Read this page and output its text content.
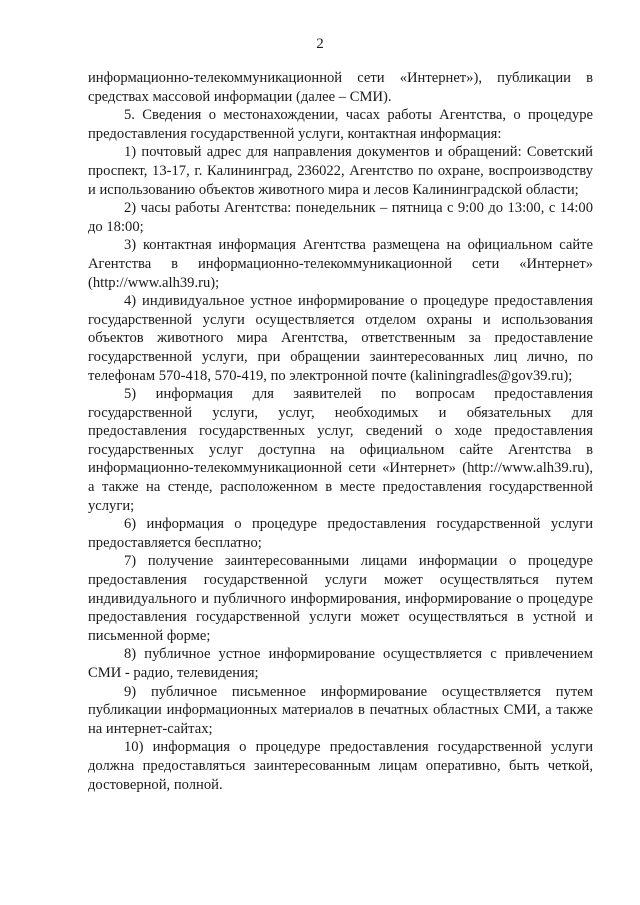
2

информационно-телекоммуникационной сети «Интернет»), публикации в средствах массовой информации (далее – СМИ).

5. Сведения о местонахождении, часах работы Агентства, о процедуре предоставления государственной услуги, контактная информация:

1) почтовый адрес для направления документов и обращений: Советский проспект, 13-17, г. Калининград, 236022, Агентство по охране, воспроизводству и использованию объектов животного мира и лесов Калининградской области;

2) часы работы Агентства: понедельник – пятница с 9:00 до 13:00, с 14:00 до 18:00;

3) контактная информация Агентства размещена на официальном сайте Агентства в информационно-телекоммуникационной сети «Интернет» (http://www.alh39.ru);

4) индивидуальное устное информирование о процедуре предоставления государственной услуги осуществляется отделом охраны и использования объектов животного мира Агентства, ответственным за предоставление государственной услуги, при обращении заинтересованных лиц лично, по телефонам 570-418, 570-419, по электронной почте (kaliningradles@gov39.ru);

5) информация для заявителей по вопросам предоставления государственной услуги, услуг, необходимых и обязательных для предоставления государственных услуг, сведений о ходе предоставления государственных услуг доступна на официальном сайте Агентства в информационно-телекоммуникационной сети «Интернет» (http://www.alh39.ru), а также на стенде, расположенном в месте предоставления государственной услуги;

6) информация о процедуре предоставления государственной услуги предоставляется бесплатно;

7) получение заинтересованными лицами информации о процедуре предоставления государственной услуги может осуществляться путем индивидуального и публичного информирования, информирование о процедуре предоставления государственной услуги может осуществляться в устной и письменной форме;

8) публичное устное информирование осуществляется с привлечением СМИ - радио, телевидения;

9) публичное письменное информирование осуществляется путем публикации информационных материалов в печатных областных СМИ, а также на интернет-сайтах;

10) информация о процедуре предоставления государственной услуги должна предоставляться заинтересованным лицам оперативно, быть четкой, достоверной, полной.
